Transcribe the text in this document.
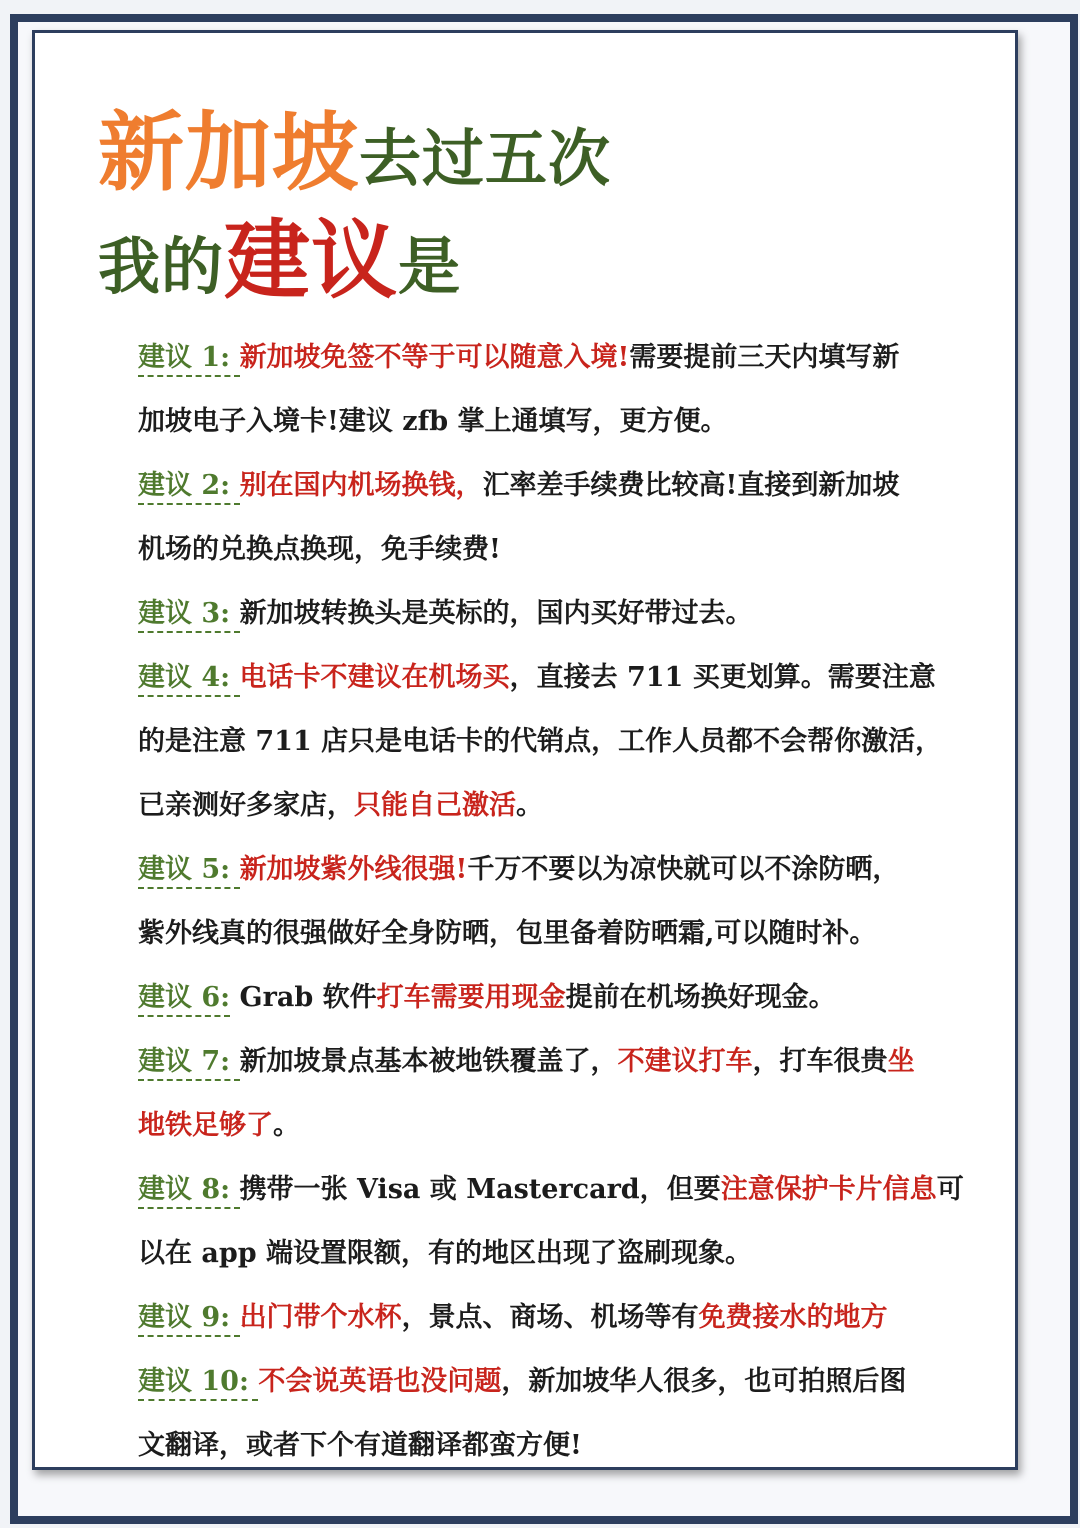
新加坡 去过五次
我的 建议 是
建议 1: 新加坡免签不等于可以随意入境!需要提前三天内填写新
加坡电子入境卡!建议 zfb 掌上通填写，更方便。
建议 2: 别在国内机场换钱，汇率差手续费比较高!直接到新加坡
机场的兑换点换现，免手续费!
建议 3: 新加坡转换头是英标的，国内买好带过去。
建议 4: 电话卡不建议在机场买，直接去 711 买更划算。需要注意
的是注意 711 店只是电话卡的代销点，工作人员都不会帮你激活，
已亲测好多家店，只能自己激活。
建议 5: 新加坡紫外线很强!千万不要以为凉快就可以不涂防晒，
紫外线真的很强做好全身防晒，包里备着防晒霜,可以随时补。
建议 6: Grab 软件打车需要用现金提前在机场换好现金。
建议 7: 新加坡景点基本被地铁覆盖了，不建议打车，打车很贵坐
地铁足够了。
建议 8: 携带一张 Visa 或 Mastercard，但要注意保护卡片信息可
以在 app 端设置限额，有的地区出现了盗刷现象。
建议 9: 出门带个水杯，景点、商场、机场等有免费接水的地方
建议 10: 不会说英语也没问题，新加坡华人很多，也可拍照后图
文翻译，或者下个有道翻译都蛮方便!
